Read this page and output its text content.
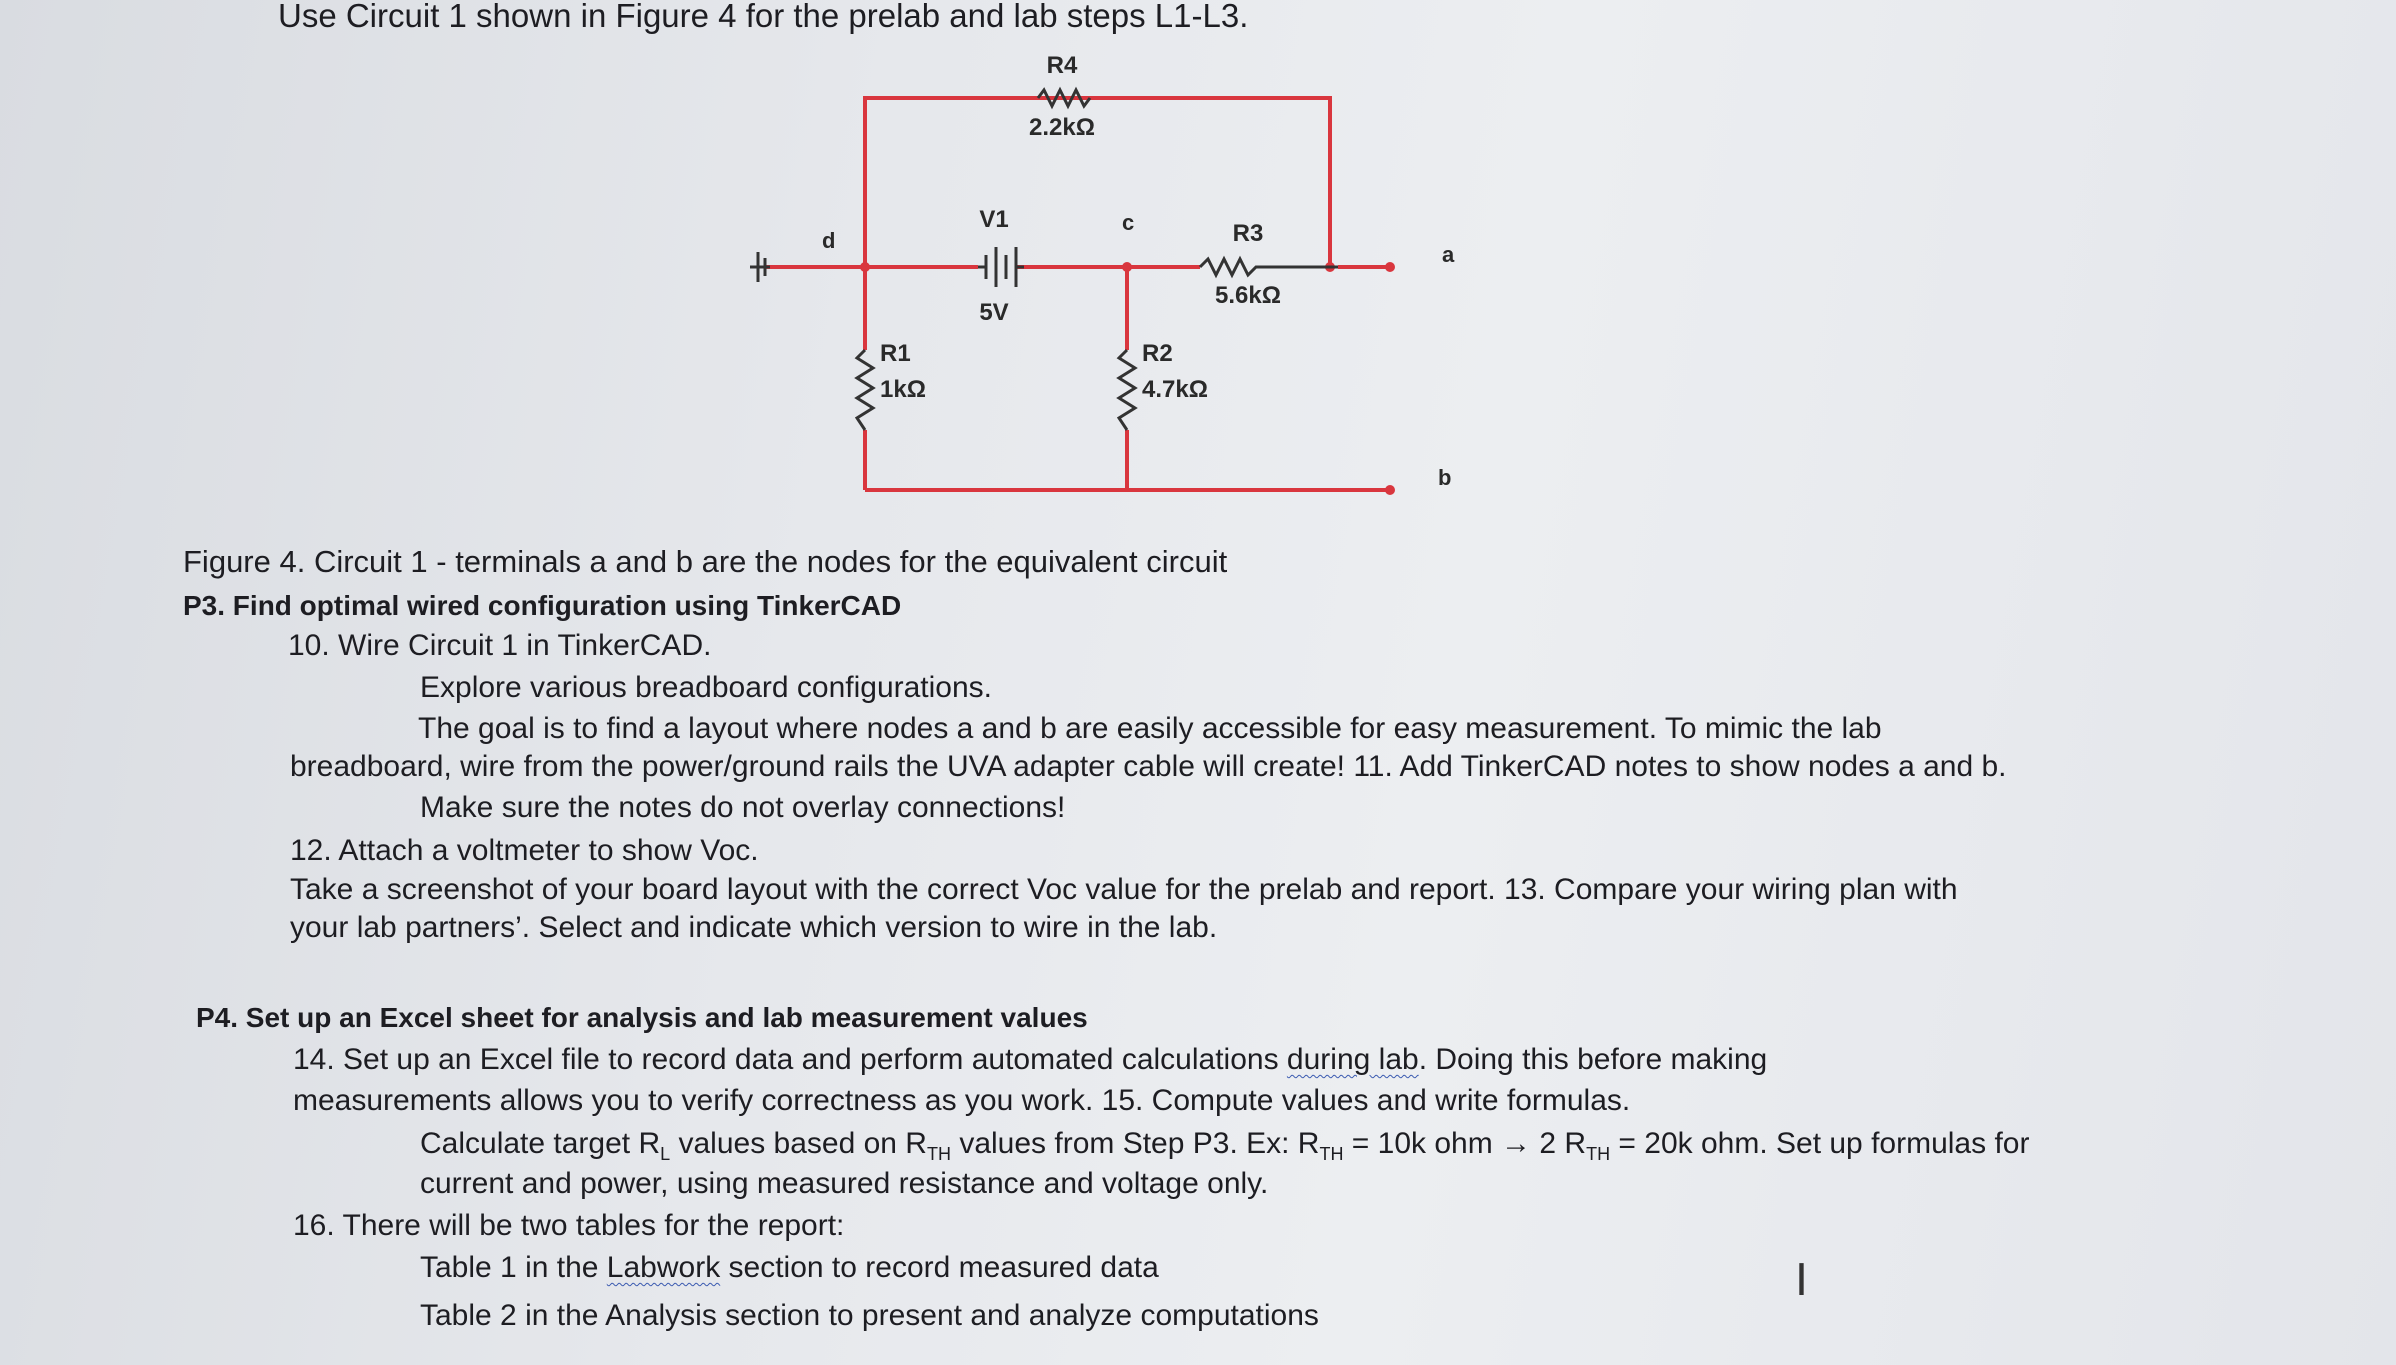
Use Circuit 1 shown in Figure 4 for the prelab and lab steps L1-L3.
R4
2.2kΩ
V1
5V
R3
5.6kΩ
R1
1kΩ
R2
4.7kΩ
d
c
a
b
Figure 4. Circuit 1 - terminals a and b are the nodes for the equivalent circuit
P3. Find optimal wired configuration using TinkerCAD
10. Wire Circuit 1 in TinkerCAD.
Explore various breadboard configurations.
The goal is to find a layout where nodes a and b are easily accessible for easy measurement. To mimic the lab
breadboard, wire from the power/ground rails the UVA adapter cable will create! 11. Add TinkerCAD notes to show nodes a and b.
Make sure the notes do not overlay connections!
12. Attach a voltmeter to show Voc.
Take a screenshot of your board layout with the correct Voc value for the prelab and report. 13. Compare your wiring plan with
your lab partners’. Select and indicate which version to wire in the lab.
P4. Set up an Excel sheet for analysis and lab measurement values
14. Set up an Excel file to record data and perform automated calculations during lab. Doing this before making
measurements allows you to verify correctness as you work. 15. Compute values and write formulas.
Calculate target $R_L$ values based on $R_{TH}$ values from Step P3. Ex: $R_{TH} = 10k$ ohm → 2 $R_{TH} = 20k$ ohm. Set up formulas for
current and power, using measured resistance and voltage only.
16. There will be two tables for the report:
Table 1 in the Labwork section to record measured data
Table 2 in the Analysis section to present and analyze computations
I
